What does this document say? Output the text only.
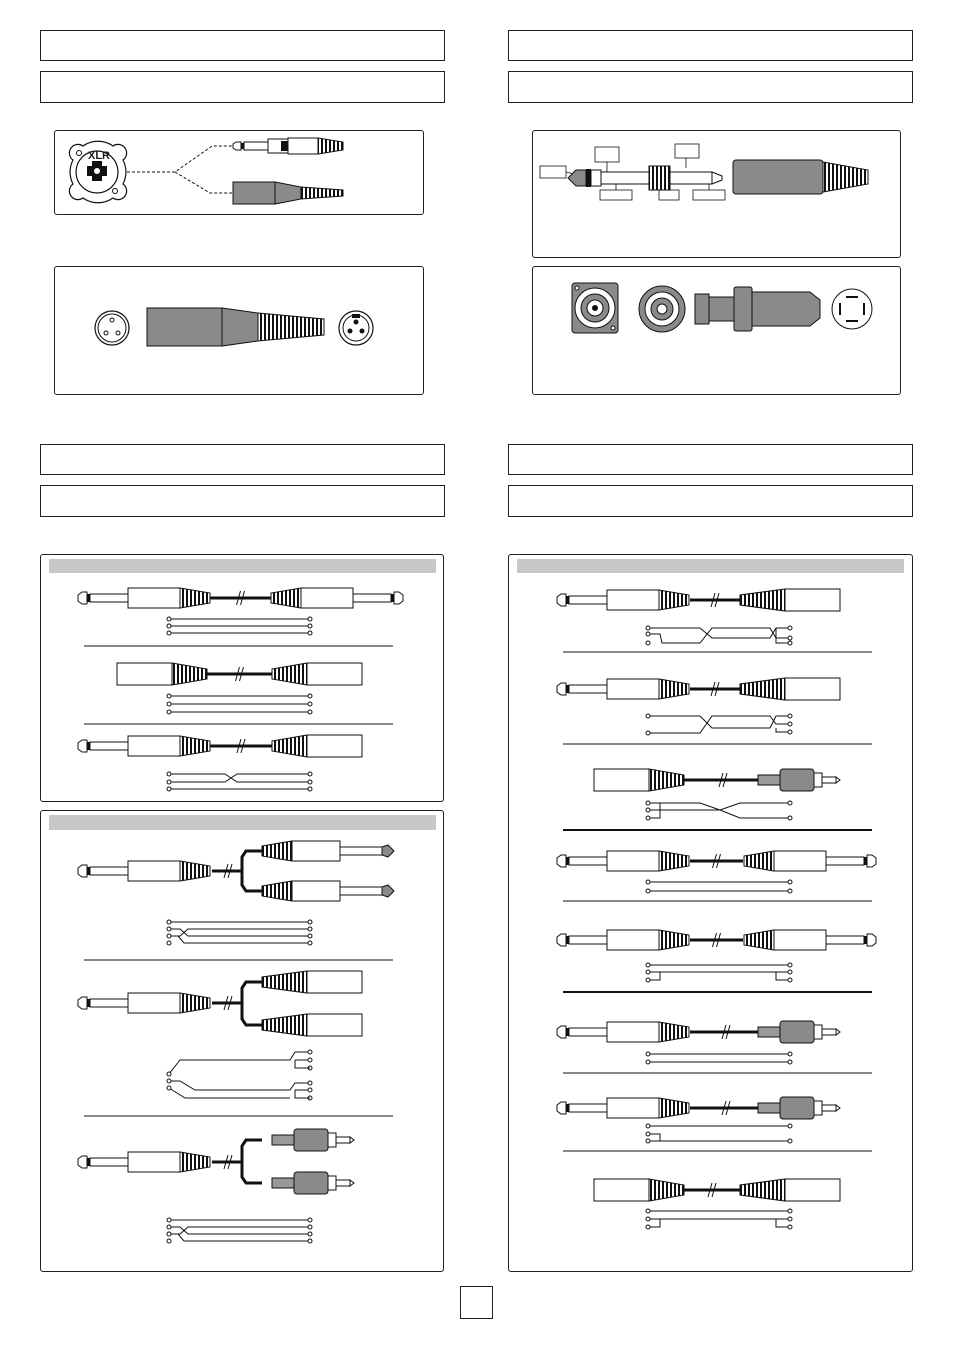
XLR
